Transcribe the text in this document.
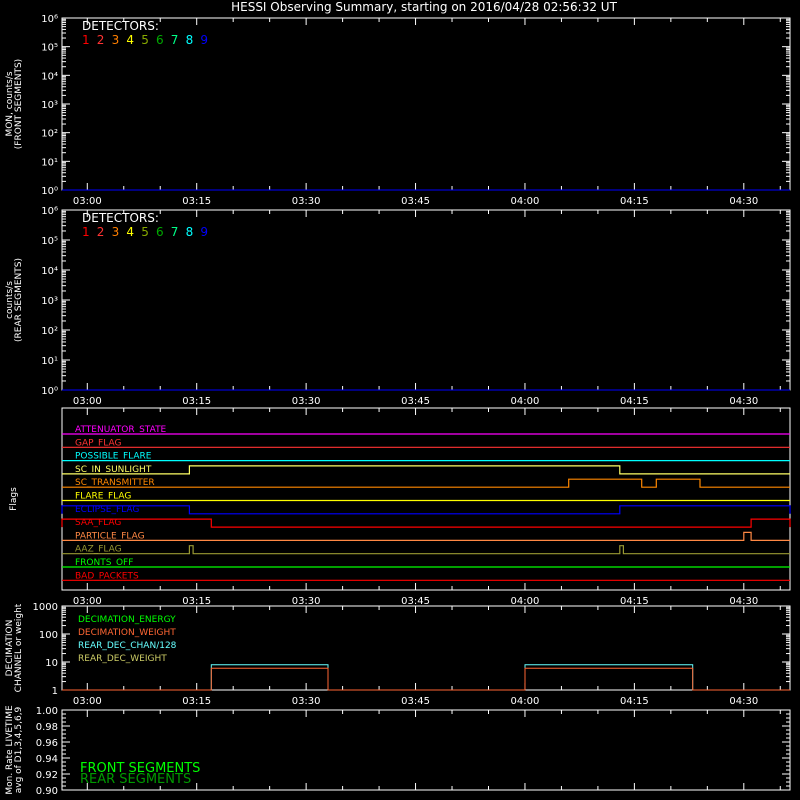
HESSI Observing Summary, starting on 2016/04/28 02:56:32 UT
03:00	03:15	03:30	03:45	04:00	04:15	04:30
10⁰
10¹
10²
10³
10⁴
10⁵
10⁶
MON, counts/s (FRONT SEGMENTS)
DETECTORS:
1 2 3 4 5 6 7 8 9
03:00	03:15	03:30	03:45	04:00	04:15	04:30
10⁰
10¹
10²
10³
10⁴
10⁵
10⁶
counts/s (REAR SEGMENTS)
DETECTORS:
1 2 3 4 5 6 7 8 9
03:00	03:15	03:30	03:45	04:00	04:15	04:30
Flags
ATTENUATOR_STATE
GAP_FLAG
POSSIBLE_FLARE
SC_IN_SUNLIGHT
SC_TRANSMITTER
FLARE_FLAG
ECLIPSE_FLAG
SAA_FLAG
PARTICLE_FLAG
AAZ_FLAG
FRONTS_OFF
BAD_PACKETS
03:00	03:15	03:30	03:45	04:00	04:15	04:30
1
10
100
1000
DECIMATION CHANNEL or weight	DECIMATION_ENERGY
DECIMATION_WEIGHT
REAR_DEC_CHAN/128
REAR_DEC_WEIGHT
Mon. Rate LIVETIME avg of D1,3,4,5,6,9 0.90
0.92
0.94
0.96
0.98
1.00
FRONT SEGMENTS
REAR SEGMENTS
